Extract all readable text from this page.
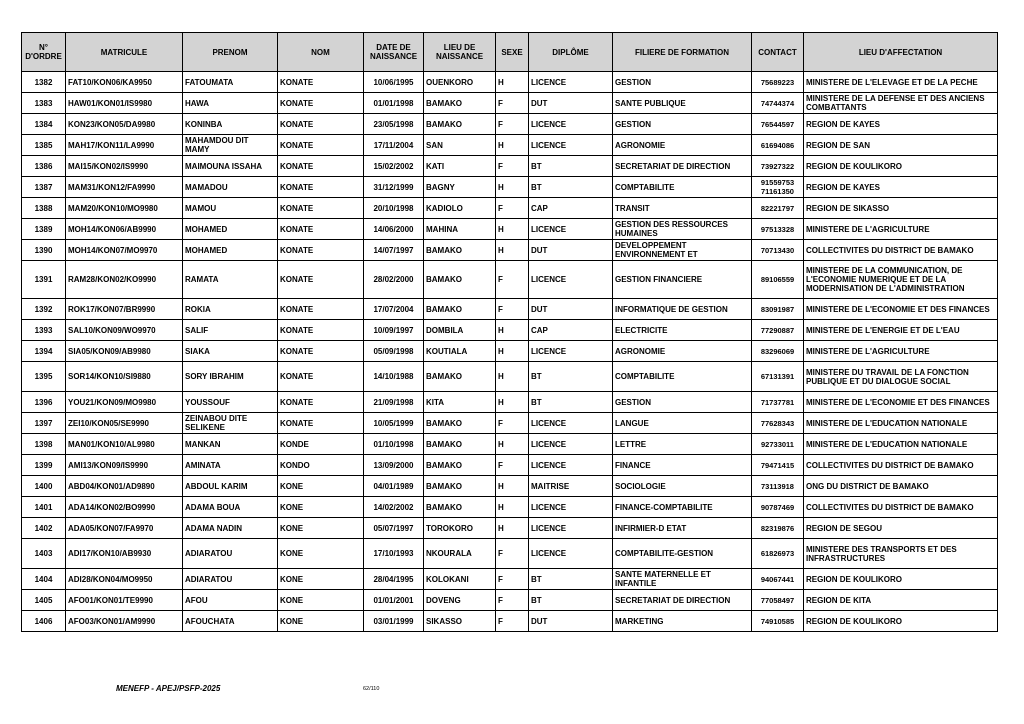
N° D'ORDRE	MATRICULE	PRENOM	NOM	DATE DE NAISSANCE	LIEU DE NAISSANCE	SEXE	DIPLÔME	FILIERE DE FORMATION	CONTACT	LIEU D'AFFECTATION
1382	FAT10/KON06/KA9950	FATOUMATA	KONATE	10/06/1995	OUENKORO	H	LICENCE	GESTION	75689223	MINISTERE DE L'ELEVAGE ET DE LA PECHE
1383	HAW01/KON01/IS9980	HAWA	KONATE	01/01/1998	BAMAKO	F	DUT	SANTE PUBLIQUE	74744374	MINISTERE DE LA DEFENSE ET DES ANCIENS COMBATTANTS
1384	KON23/KON05/DA9980	KONINBA	KONATE	23/05/1998	BAMAKO	F	LICENCE	GESTION	76544597	REGION DE KAYES
1385	MAH17/KON11/LA9990	MAHAMDOU DIT MAMY	KONATE	17/11/2004	SAN	H	LICENCE	AGRONOMIE	61694086	REGION DE SAN
1386	MAI15/KON02/IS9990	MAIMOUNA ISSAHA	KONATE	15/02/2002	KATI	F	BT	SECRETARIAT DE DIRECTION	73927322	REGION DE KOULIKORO
1387	MAM31/KON12/FA9990	MAMADOU	KONATE	31/12/1999	BAGNY	H	BT	COMPTABILITE	91559753 71161350	REGION DE KAYES
1388	MAM20/KON10/MO9980	MAMOU	KONATE	20/10/1998	KADIOLO	F	CAP	TRANSIT	82221797	REGION DE SIKASSO
1389	MOH14/KON06/AB9990	MOHAMED	KONATE	14/06/2000	MAHINA	H	LICENCE	GESTION DES RESSOURCES HUMAINES	97513328	MINISTERE DE L'AGRICULTURE
1390	MOH14/KON07/MO9970	MOHAMED	KONATE	14/07/1997	BAMAKO	H	DUT	DEVELOPPEMENT ENVIRONNEMENT ET	70713430	COLLECTIVITES DU DISTRICT DE BAMAKO
1391	RAM28/KON02/KO9990	RAMATA	KONATE	28/02/2000	BAMAKO	F	LICENCE	GESTION FINANCIERE	89106559	MINISTERE DE LA COMMUNICATION, DE L'ECONOMIE NUMERIQUE ET DE LA MODERNISATION DE L'ADMINISTRATION
1392	ROK17/KON07/BR9990	ROKIA	KONATE	17/07/2004	BAMAKO	F	DUT	INFORMATIQUE DE GESTION	83091987	MINISTERE DE L'ECONOMIE ET DES FINANCES
1393	SAL10/KON09/WO9970	SALIF	KONATE	10/09/1997	DOMBILA	H	CAP	ELECTRICITE	77290887	MINISTERE DE L'ENERGIE ET DE L'EAU
1394	SIA05/KON09/AB9980	SIAKA	KONATE	05/09/1998	KOUTIALA	H	LICENCE	AGRONOMIE	83296069	MINISTERE DE L'AGRICULTURE
1395	SOR14/KON10/SI9880	SORY IBRAHIM	KONATE	14/10/1988	BAMAKO	H	BT	COMPTABILITE	67131391	MINISTERE DU TRAVAIL DE LA FONCTION PUBLIQUE ET DU DIALOGUE SOCIAL
1396	YOU21/KON09/MO9980	YOUSSOUF	KONATE	21/09/1998	KITA	H	BT	GESTION	71737781	MINISTERE DE L'ECONOMIE ET DES FINANCES
1397	ZEI10/KON05/SE9990	ZEINABOU DITE SELIKENE	KONATE	10/05/1999	BAMAKO	F	LICENCE	LANGUE	77628343	MINISTERE DE L'EDUCATION NATIONALE
1398	MAN01/KON10/AL9980	MANKAN	KONDE	01/10/1998	BAMAKO	H	LICENCE	LETTRE	92733011	MINISTERE DE L'EDUCATION NATIONALE
1399	AMI13/KON09/IS9990	AMINATA	KONDO	13/09/2000	BAMAKO	F	LICENCE	FINANCE	79471415	COLLECTIVITES DU DISTRICT DE BAMAKO
1400	ABD04/KON01/AD9890	ABDOUL KARIM	KONE	04/01/1989	BAMAKO	H	MAITRISE	SOCIOLOGIE	73113918	ONG DU DISTRICT DE BAMAKO
1401	ADA14/KON02/BO9990	ADAMA BOUA	KONE	14/02/2002	BAMAKO	H	LICENCE	FINANCE-COMPTABILITE	90787469	COLLECTIVITES DU DISTRICT DE BAMAKO
1402	ADA05/KON07/FA9970	ADAMA NADIN	KONE	05/07/1997	TOROKORO	H	LICENCE	INFIRMIER-D ETAT	82319876	REGION DE SEGOU
1403	ADI17/KON10/AB9930	ADIARATOU	KONE	17/10/1993	NKOURALA	F	LICENCE	COMPTABILITE-GESTION	61826973	MINISTERE DES TRANSPORTS ET DES INFRASTRUCTURES
1404	ADI28/KON04/MO9950	ADIARATOU	KONE	28/04/1995	KOLOKANI	F	BT	SANTE MATERNELLE ET INFANTILE	94067441	REGION DE KOULIKORO
1405	AFO01/KON01/TE9990	AFOU	KONE	01/01/2001	DOVENG	F	BT	SECRETARIAT DE DIRECTION	77058497	REGION DE KITA
1406	AFO03/KON01/AM9990	AFOUCHATA	KONE	03/01/1999	SIKASSO	F	DUT	MARKETING	74910585	REGION DE KOULIKORO
MENEFP - APEJ/PSFP-2025	62/110
